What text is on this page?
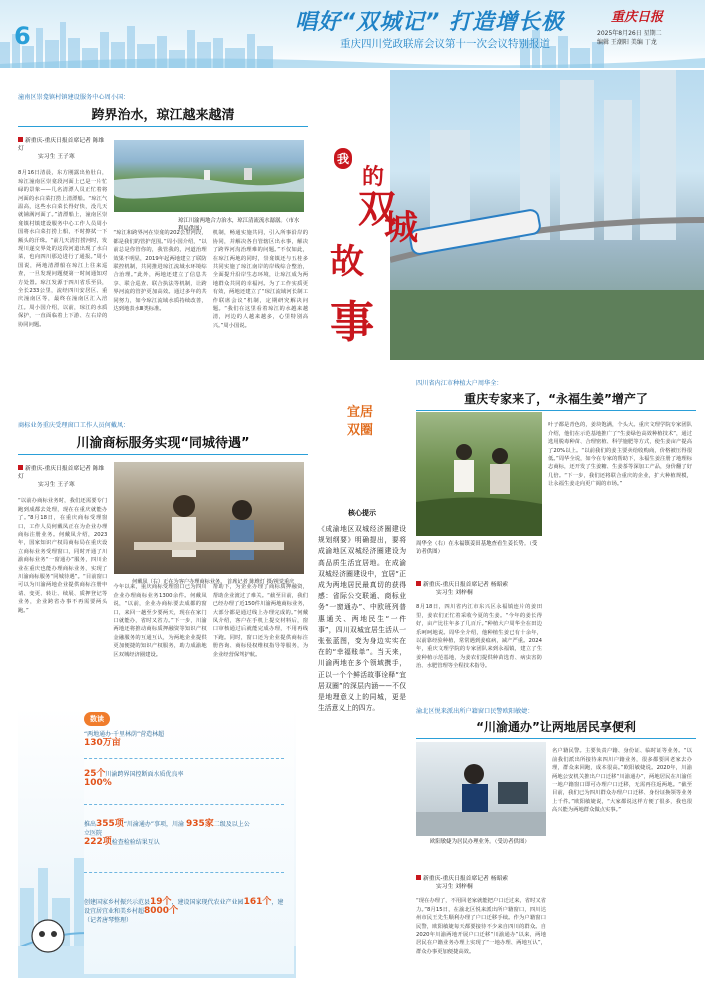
6	唱好“双城记” 打造增长极
重庆四川党政联席会议第十一次会议特别报道
重庆日报
2025年8月26日 星期二
编辑 王潮阳 美编 丁龙
潼南区崇龛镇村镇建设服务中心周小国：
跨界治水，琼江越来越清
新重庆-重庆日报首席记者 陈维灯
实习生 王子寒
8月16日清晨，东方刚露出鱼肚白，琼江潼南区崇龛段河面上已是一片忙碌的景象——几名清漂人员正忙着将河面的水白菜打捞上清漂船。“琼江气温高，这些水白菜长得好快，没几天就铺满河面了。”清漂船上，潼南区崇龛镇村镇建设服务中心工作人员周小国将水白菜打捞上船，不时擦拭一下额头的汗珠。“前几天清打捞河时，发现川遂交界处的这段河道出现了水白菜，也向四川那边进行了通报。”周小国说，两地清漂船在琼江上往来巡查，一旦发现问题便第一时间通知对方处置。琼江发源于四川省乐至县，全长233公里，流经四川安居区、重庆潼南区等，最终在潼南区汇入涪江。周小国介绍，以前，琼江的水质保护，一直面临着上下游、左右岸的协同问题。
“琼江和跨界河在崇龛的202公里河段，都是我们的管护范围。”周小国介绍，“以前总是你管你的，我管我的，河道治理效果不明显，2019年起两地建立了联防联控机制，共同推进琼江流域水环境综合治理。”此外，两地还建立了信息共享、联合巡查、联合执法等机制，让跨界河流的管护更加高效。通过多年的共同努力，如今琼江流域水质持续改善，达到地表水Ⅲ类标准。
机制，畅通实施共同，引入所事沿岸的协同，并解决各自管辖区出水事，解决了跨界河沟治理难的问题。”不仅如此，在琼江两地的同时，崇龛镇还与五桂多共同实施了琼江南岸的岸线综合整治，全面提升沿岸生态环境，让琼江成为两地群众共同的幸福河。为了工作实质更有效，两地还建立了“琼江流域河长制工作联席会议”机制，定期研究解决问题。“我们在这里看着琼江的水越来越清，河边的人越来越多，心里特别高兴。”周小国说。
琼江川渝两地合力治水，琼江清流流水潺潺。（市水利局供图）
商标业务重庆受理窗口工作人员何戴凤：
川渝商标服务实现“同城待遇”
新重庆-重庆日报首席记者 陈维灯
实习生 王子寒
“以前办商标业务时，我们还需要专门跑到成都去处理，现在在重庆就能办了。”8月18日，在重庆商标受理窗口，工作人员何戴凤正在为企业办理商标注册业务。何戴凤介绍，2023年，国家知识产权局商标局在重庆设立商标业务受理窗口，同时开通了川渝商标业务“一窗通办”服务，四川企业在重庆也能办理商标业务，实现了川渝商标服务“同城待遇”。“目前窗口可以为川渝两地企业提供商标注册申请、变更、转让、续展、质押登记等业务，企业跨省办事不再需要两头跑。”
今年以来，重庆商标受理窗口已为四川企业办理商标业务1300余件。何戴凤说，“以前，企业办商标要去成都的窗口，来回一趟至少要两天，现在在家门口就能办，省时又省力。”下一步，川渝两地还将推动商标质押融资等知识产权金融服务的互通互认，为两地企业提供更加便捷的知识产权服务，助力成渝地区双城经济圈建设。
帮助下，为企业办理了商标质押融资，帮助企业渡过了难关。“截至目前，我们已经办理了近150件川渝两地商标业务，大部分都是通过线上办理完成的。”何戴凤介绍，客户在手机上提交材料后，窗口审核通过后就能完成办理，不用再线下跑。同时，窗口还为企业提供商标注册咨询、商标侵权维权指导等服务，为企业经营保驾护航。
何戴凤（右）正在为客户办理商标业务。 首席记者 陈维灯 摄/视觉重庆
数读
“两地通办·千里林荫”营造林超
130万亩
25个川渝跨界国控断面水质优良率
100%
推出355项“川渝通办”事项，川渝 935家二级及以上公立医院
222项检查检验结果互认
创建国家乡村振兴示范县19个，建设国家现代农业产业园161个，建设宜居宜业和美乡村超8000个
（记者唐琴整理）
我
的
双
城
故
事
宜居
双圈
核心提示
《成渝地区双城经济圈建设规划纲要》明确提出，要将成渝地区双城经济圈建设为高品质生活宜居地。在成渝双城经济圈建设中，宜居“正成为两地居民最真切的获得感：省际公交联通、商标业务“一窗通办”、中欧班列普惠通关、两地民生“一件事”，四川双城宜居生活从一张张蓝图，变为身边实实在在的“幸福账单”。当天来，川渝两地在多个领域携手，正以一个个鲜活故事诠释“宜居双圈”的深层内涵——不仅是地理意义上的同城，更是生活意义上的四方。
四川省内江市种植大户周华全：
重庆专家来了，“永福生姜”增产了
新重庆-重庆日报首席记者 杨昭索
实习生 刘梓桐
8月18日，四川省内江市东兴区永福镇连片的姜田里，姜农们正忙着采收今夏的生姜。“今年的姜长得好，亩产比往年多了几百斤。”种植大户周华全在田边乐呵呵地说。周华全介绍，他种植生姜已有十余年，以前靠经验种植，常常遇到姜瘟病，减产严重。2024年，重庆文理学院的专家团队来到永福镇，建立了生姜种植示范基地，为姜农们提供种苗选育、病虫害防治、水肥管理等全程技术指导。
叶子都是青色的，姜块饱满，个头大。重庆文理学院专家团队介绍，他们在示范基地推广了“生姜绿色高效种植技术”，通过选用脱毒种苗、合理密植、科学施肥等方式，使生姜亩产提高了20%以上。“以前我们的姜主要卖给收购商，价格被压得很低。”周华全说，如今在专家的帮助下，永福生姜注册了地理标志商标，还开发了生姜糖、生姜茶等深加工产品，身价翻了好几倍。“下一步，我们还将联合重庆的企业，扩大种植规模，让永福生姜走向更广阔的市场。”
周华全（右）在永福镇姜田基地查看生姜长势。（受访者供图）
渝北区悦来派出所户籍窗口民警欧阳敏婕：
“川渝通办”让两地居民享便利
新重庆-重庆日报首席记者 杨昭索
实习生 刘梓桐
“现在办理了，不用回老家就能把户口迁过来，省时又省力。”8月15日，在渝北区悦来派出所户籍窗口，四川达州市民王先生顺利办理了户口迁移手续。作为户籍窗口民警，欧阳敏婕每天都要接待不少来自四川的群众。自2020年川渝两地开展户口迁移“川渝通办”以来，两地居民在户籍业务办理上实现了“一地办理、两地互认”，群众办事更加便捷高效。
名户籍民警。主要负责户籍、身份证、临时证等业务。“以前我们派出所接待来四川户籍业务，很多都要回老家去办理，群众来回跑，成本很高。”欧阳敏婕说。2020年，川渝两地公安机关推出户口迁移“川渝通办”，两地居民在川渝任一地户籍窗口即可办理户口迁移，无需再往返两地。“截至目前，我们已为四川群众办理户口迁移、身份证换领等业务上千件。”欧阳敏婕说，“大家都说这样方便了很多，我也很高兴能为两地群众做点实事。”
欧阳敏婕为居民办理业务。（受访者供图）
